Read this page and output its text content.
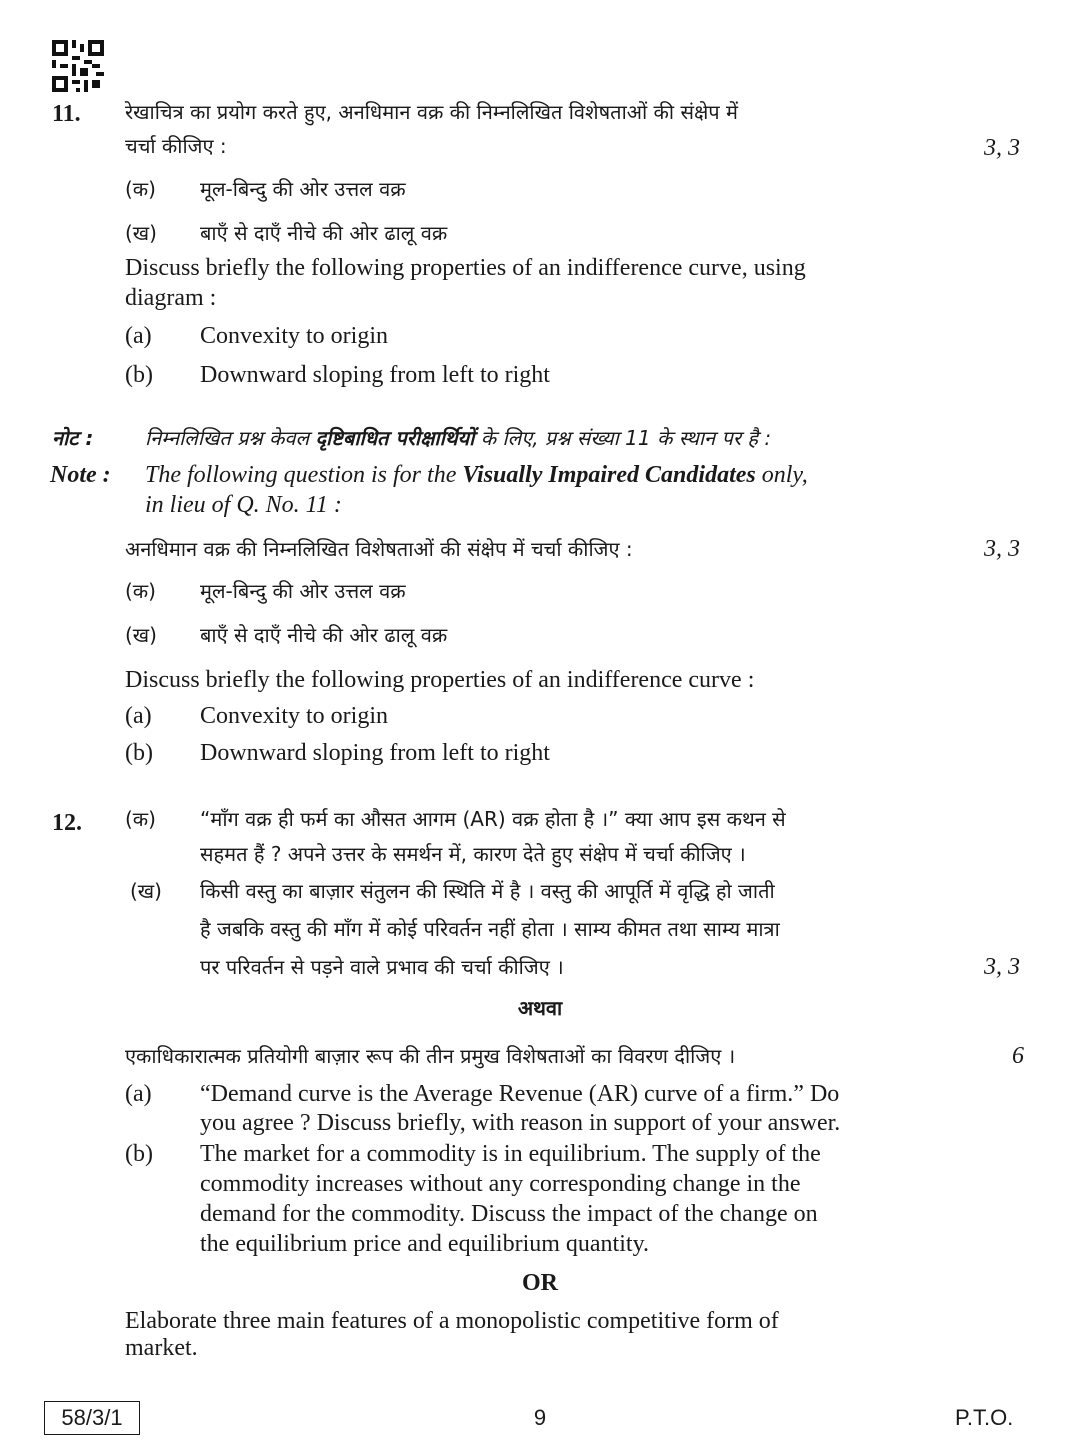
11. रेखाचित्र का प्रयोग करते हुए, अनधिमान वक्र की निम्नलिखित विशेषताओं की संक्षेप में
चर्चा कीजिए :	3, 3
(क) मूल-बिन्दु की ओर उत्तल वक्र
(ख) बाएँ से दाएँ नीचे की ओर ढालू वक्र
Discuss briefly the following properties of an indifference curve, using
diagram :
(a) Convexity to origin
(b) Downward sloping from left to right
नोट :	निम्नलिखित प्रश्न केवल दृष्टिबाधित परीक्षार्थियों के लिए, प्रश्न संख्या 11 के स्थान पर है :
Note : The following question is for the Visually Impaired Candidates only,
in lieu of Q. No. 11 :
अनधिमान वक्र की निम्नलिखित विशेषताओं की संक्षेप में चर्चा कीजिए :	3, 3
(क) मूल-बिन्दु की ओर उत्तल वक्र
(ख) बाएँ से दाएँ नीचे की ओर ढालू वक्र
Discuss briefly the following properties of an indifference curve :
(a) Convexity to origin
(b) Downward sloping from left to right
12. (क) “माँग वक्र ही फर्म का औसत आगम (AR) वक्र होता है ।” क्या आप इस कथन से
सहमत हैं ? अपने उत्तर के समर्थन में, कारण देते हुए संक्षेप में चर्चा कीजिए ।
(ख) किसी वस्तु का बाज़ार संतुलन की स्थिति में है । वस्तु की आपूर्ति में वृद्धि हो जाती
है जबकि वस्तु की माँग में कोई परिवर्तन नहीं होता । साम्य कीमत तथा साम्य मात्रा
पर परिवर्तन से पड़ने वाले प्रभाव की चर्चा कीजिए ।	3, 3
अथवा
एकाधिकारात्मक प्रतियोगी बाज़ार रूप की तीन प्रमुख विशेषताओं का विवरण दीजिए ।	6
(a) “Demand curve is the Average Revenue (AR) curve of a firm.” Do
you agree ? Discuss briefly, with reason in support of your answer.
(b) The market for a commodity is in equilibrium. The supply of the
commodity increases without any corresponding change in the
demand for the commodity. Discuss the impact of the change on
the equilibrium price and equilibrium quantity.
OR
Elaborate three main features of a monopolistic competitive form of
market.
58/3/1	9	P.T.O.
